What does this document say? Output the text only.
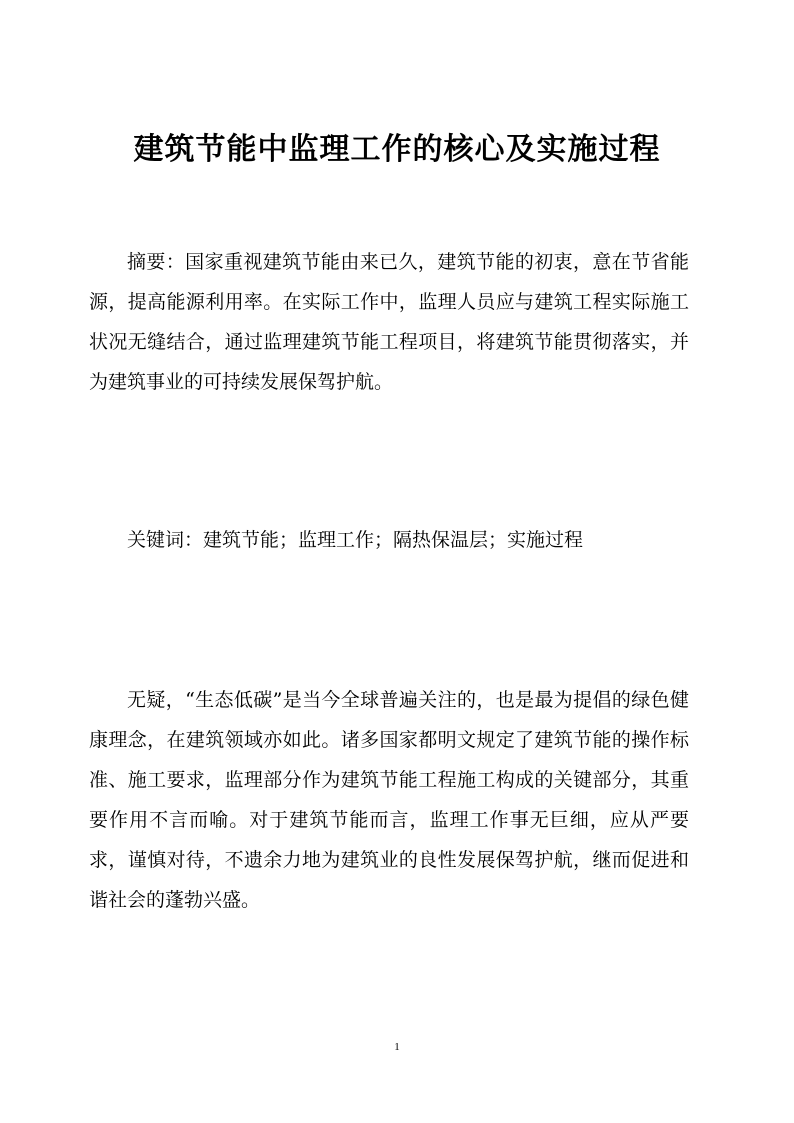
建筑节能中监理工作的核心及实施过程

摘要：国家重视建筑节能由来已久，建筑节能的初衷，意在节省能源，提高能源利用率。在实际工作中，监理人员应与建筑工程实际施工状况无缝结合，通过监理建筑节能工程项目，将建筑节能贯彻落实，并为建筑事业的可持续发展保驾护航。

关键词：建筑节能；监理工作；隔热保温层；实施过程

无疑，“生态低碳”是当今全球普遍关注的，也是最为提倡的绿色健康理念，在建筑领域亦如此。诸多国家都明文规定了建筑节能的操作标准、施工要求，监理部分作为建筑节能工程施工构成的关键部分，其重要作用不言而喻。对于建筑节能而言，监理工作事无巨细，应从严要求，谨慎对待，不遗余力地为建筑业的良性发展保驾护航，继而促进和谐社会的蓬勃兴盛。

1
